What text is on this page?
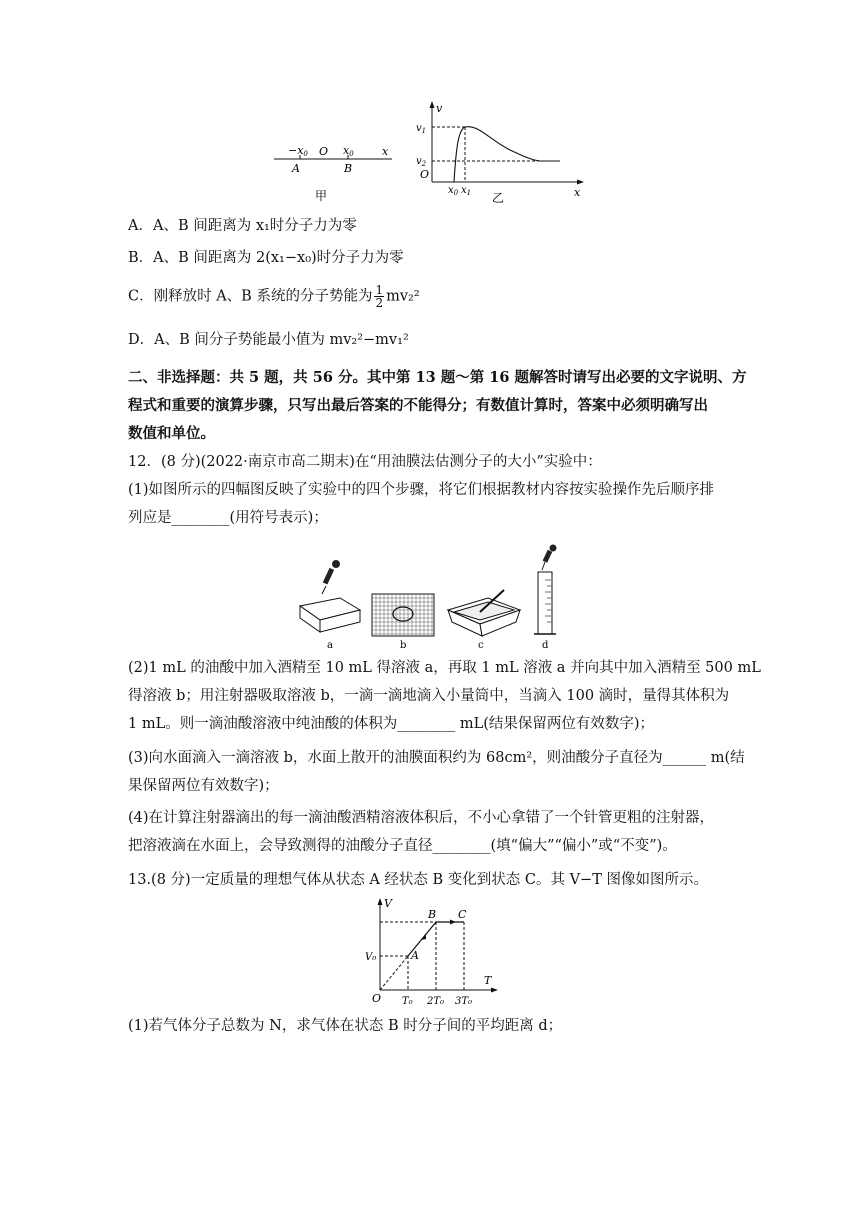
−x0 O x0	x
A	B
甲
v
$v_1$
$v_2$
O
$x_0$ $x_1$	x
乙
A．A、B 间距离为 x₁时分子力为零
B．A、B 间距离为 2(x₁−x₀)时分子力为零
C．刚释放时 A、B 系统的分子势能为 $\frac{1}{2} mv_2^2$
D．A、B 间分子势能最小值为 mv₂²−mv₁²
二、非选择题：共 5 题，共 56 分。其中第 13 题～第 16 题解答时请写出必要的文字说明、方
程式和重要的演算步骤，只写出最后答案的不能得分；有数值计算时，答案中必须明确写出
数值和单位。
12．(8 分)(2022·南京市高二期末)在“用油膜法估测分子的大小”实验中：
(1)如图所示的四幅图反映了实验中的四个步骤，将它们根据教材内容按实验操作先后顺序排
列应是________(用符号表示)；
a	b	c	d
(2)1 mL 的油酸中加入酒精至 10 mL 得溶液 a，再取 1 mL 溶液 a 并向其中加入酒精至 500 mL
得溶液 b；用注射器吸取溶液 b，一滴一滴地滴入小量筒中，当滴入 100 滴时，量得其体积为
1 mL。则一滴油酸溶液中纯油酸的体积为________ mL(结果保留两位有效数字)；
(3)向水面滴入一滴溶液 b，水面上散开的油膜面积约为 68cm²，则油酸分子直径为______ m(结
果保留两位有效数字)；
(4)在计算注射器滴出的每一滴油酸酒精溶液体积后，不小心拿错了一个针管更粗的注射器，
把溶液滴在水面上，会导致测得的油酸分子直径________(填“偏大”“偏小”或“不变”)。
13.(8 分)一定质量的理想气体从状态 A 经状态 B 变化到状态 C。其 V−T 图像如图所示。
V
T
O
V₀	A
B C
T₀ 2T₀ 3T₀
(1)若气体分子总数为 N，求气体在状态 B 时分子间的平均距离 d；
